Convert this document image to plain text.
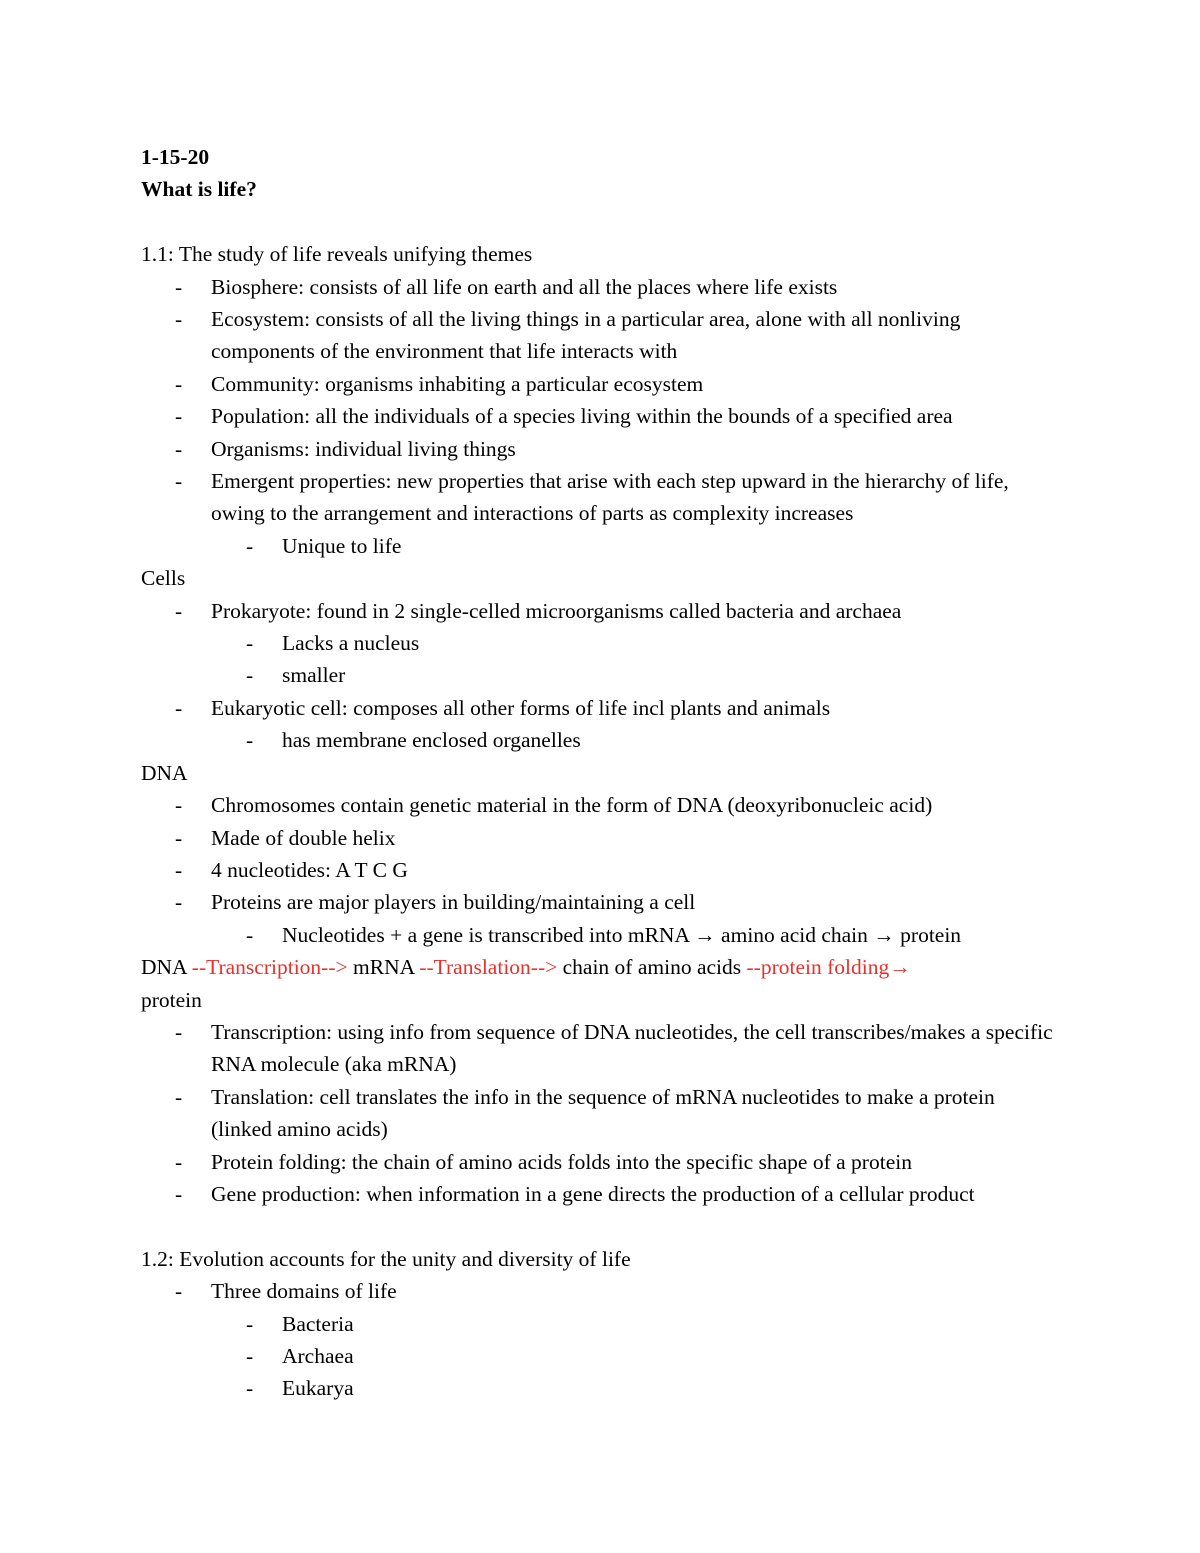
1-15-20
What is life?
1.1: The study of life reveals unifying themes
- Biosphere: consists of all life on earth and all the places where life exists
- Ecosystem: consists of all the living things in a particular area, alone with all nonliving components of the environment that life interacts with
- Community: organisms inhabiting a particular ecosystem
- Population: all the individuals of a species living within the bounds of a specified area
- Organisms: individual living things
- Emergent properties: new properties that arise with each step upward in the hierarchy of life, owing to the arrangement and interactions of parts as complexity increases
- Unique to life
Cells
- Prokaryote: found in 2 single-celled microorganisms called bacteria and archaea
- Lacks a nucleus
- smaller
- Eukaryotic cell: composes all other forms of life incl plants and animals
- has membrane enclosed organelles
DNA
- Chromosomes contain genetic material in the form of DNA (deoxyribonucleic acid)
- Made of double helix
- 4 nucleotides: A T C G
- Proteins are major players in building/maintaining a cell
- Nucleotides + a gene is transcribed into mRNA → amino acid chain → protein
DNA --Transcription--> mRNA --Translation--> chain of amino acids --protein folding→
protein
- Transcription: using info from sequence of DNA nucleotides, the cell transcribes/makes a specific RNA molecule (aka mRNA)
- Translation: cell translates the info in the sequence of mRNA nucleotides to make a protein (linked amino acids)
- Protein folding: the chain of amino acids folds into the specific shape of a protein
- Gene production: when information in a gene directs the production of a cellular product
1.2: Evolution accounts for the unity and diversity of life
- Three domains of life
- Bacteria
- Archaea
- Eukarya
